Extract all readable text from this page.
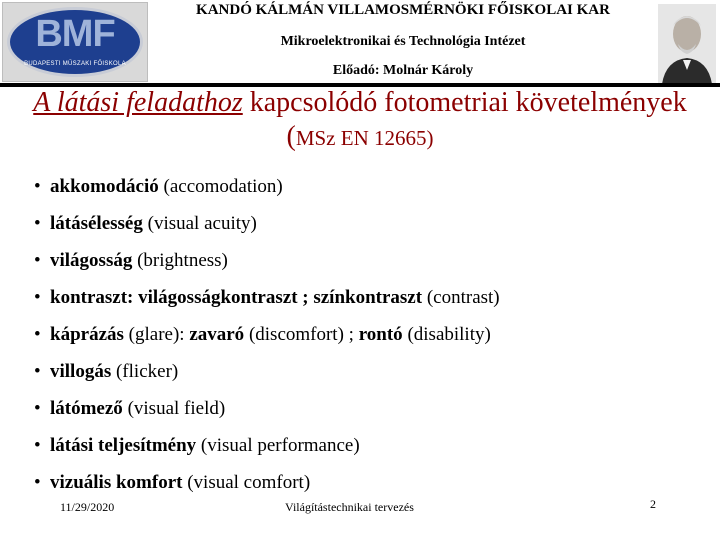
BMF
BUDAPESTI MŰSZAKI FŐISKOLA
KANDÓ KÁLMÁN VILLAMOSMÉRNÖKI FŐISKOLAI KAR
Mikroelektronikai és Technológia Intézet
Előadó: Molnár Károly
A látási feladathoz kapcsolódó fotometriai követelmények (MSz EN 12665)
• akkomodáció (accomodation)
• látásélesség (visual acuity)
• világosság (brightness)
• kontraszt: világosságkontraszt ; színkontraszt (contrast)
• káprázás (glare): zavaró (discomfort) ; rontó (disability)
• villogás (flicker)
• látómező (visual field)
• látási teljesítmény (visual performance)
• vizuális komfort (visual comfort)
11/29/2020	Világítástechnikai tervezés	2
